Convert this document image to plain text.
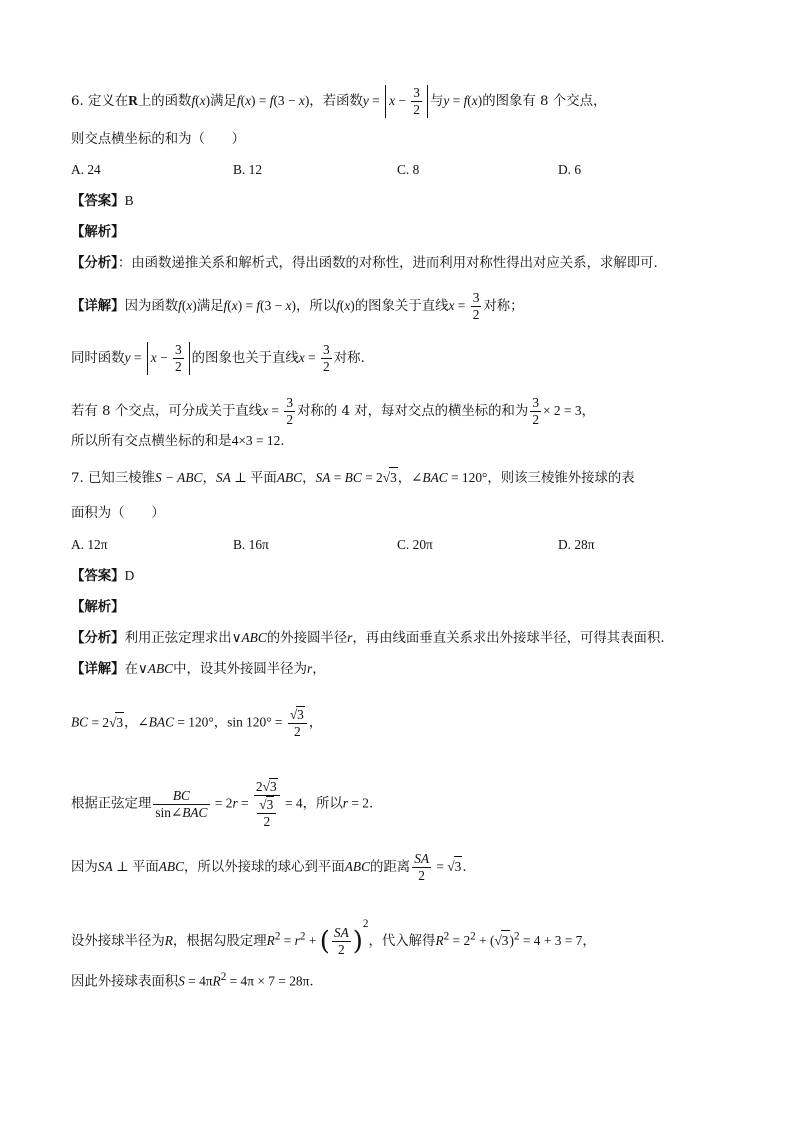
6. 定义在R上的函数f(x)满足f(x) = f(3 − x)，若函数$y = x - \frac{3}{2}$ 与y = f(x)的图象有 8 个交点，
则交点横坐标的和为（　　）
A. 24	B. 12	C. 8	D. 6
【答案】B
【解析】
【分析】：由函数递推关系和解析式，得出函数的对称性，进而利用对称性得出对应关系，求解即可.
【详解】因为函数f(x)满足f(x) = f(3 − x)，所以f(x)的图象关于直线$x = \frac{3}{2}$ 对称；
同时函数$y = x - \frac{3}{2}$ 的图象也关于直线$x = \frac{3}{2}$ 对称.
若有 8 个交点，可分成关于直线$x = \frac{3}{2}$ 对称的 4 对，每对交点的横坐标的和为 $\frac{3}{2} \times 2 = 3$，
所以所有交点横坐标的和是4×3 = 12.
7. 已知三棱锥S − ABC，SA ⊥ 平面ABC，SA = BC = 2√3，∠BAC = 120°，则该三棱锥外接球的表
面积为（　　）
A. 12π	B. 16π	C. 20π	D. 28π
【答案】D
【解析】
【分析】利用正弦定理求出∨ABC的外接圆半径r，再由线面垂直关系求出外接球半径，可得其表面积.
【详解】在∨ABC中，设其外接圆半径为r，
BC = 2√3，∠BAC = 120°，$\sin 120^\circ = \frac{√3}{2}$ ，
根据正弦定理 $\frac{BC}{\text{sin∠BAC}} = 2r = \frac{2√3}{\frac{√3}{2}} = 4$，所以r = 2.
因为SA ⊥ 平面ABC，所以外接球的球心到平面ABC的距离 $\frac{SA}{2} = √3$.
设外接球半径为R，根据勾股定理$R^2 = r^2$ + ( $\frac{SA}{2} )^2$，代入解得$R^2 = 2^2 + (√3)^2 = 4 + 3 = 7$，
因此外接球表面积$S = 4\pi R^2 = 4\pi \times 7 = 28\pi$.
